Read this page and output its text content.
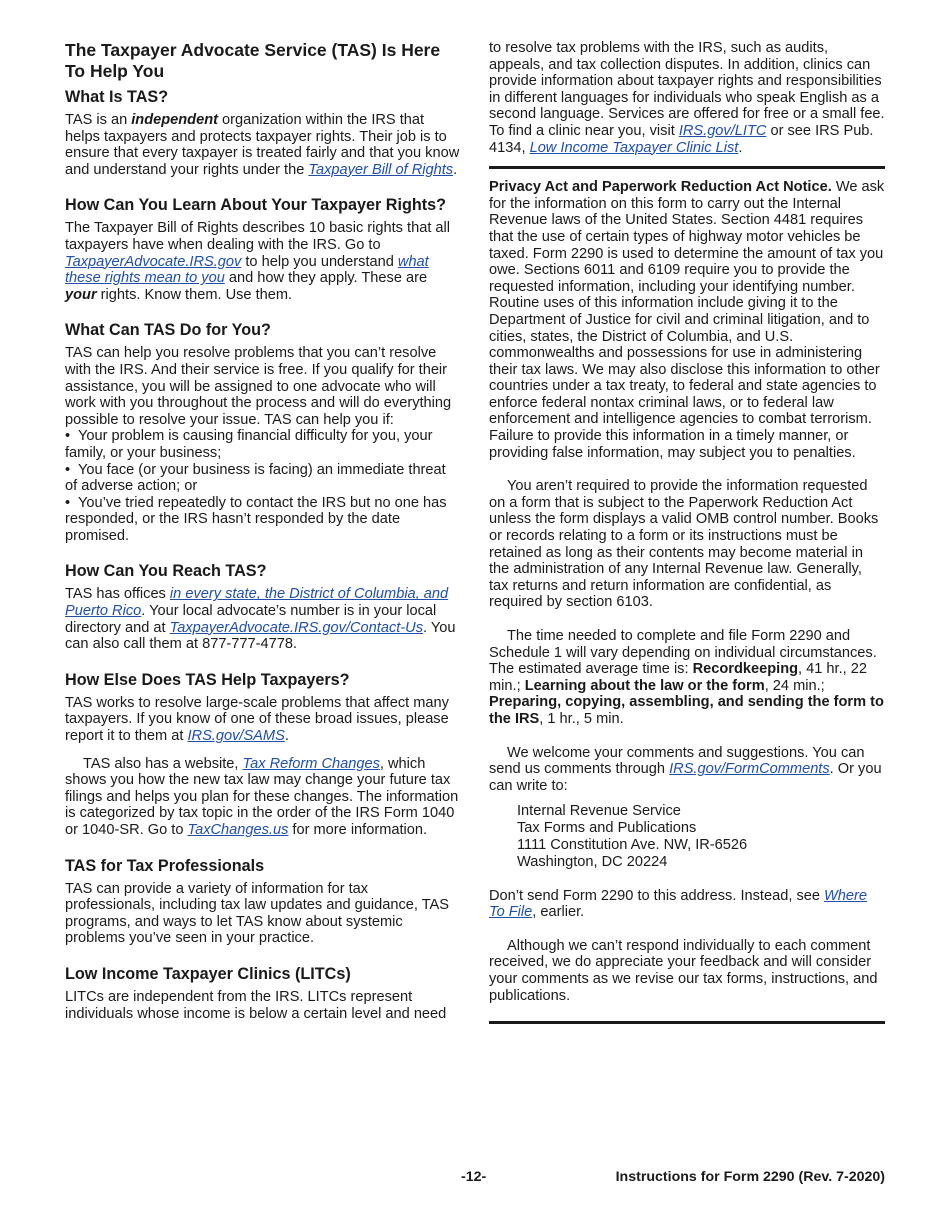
The Taxpayer Advocate Service (TAS) Is Here To Help You
What Is TAS?

TAS is an independent organization within the IRS that helps taxpayers and protects taxpayer rights. Their job is to ensure that every taxpayer is treated fairly and that you know and understand your rights under the Taxpayer Bill of Rights.

How Can You Learn About Your Taxpayer Rights?

The Taxpayer Bill of Rights describes 10 basic rights that all taxpayers have when dealing with the IRS. Go to TaxpayerAdvocate.IRS.gov to help you understand what these rights mean to you and how they apply. These are your rights. Know them. Use them.

What Can TAS Do for You?

TAS can help you resolve problems that you can’t resolve with the IRS. And their service is free. If you qualify for their assistance, you will be assigned to one advocate who will work with you throughout the process and will do everything possible to resolve your issue. TAS can help you if:

•  Your problem is causing financial difficulty for you, your family, or your business;

•  You face (or your business is facing) an immediate threat of adverse action; or

•  You’ve tried repeatedly to contact the IRS but no one has responded, or the IRS hasn’t responded by the date promised.

How Can You Reach TAS?

TAS has offices in every state, the District of Columbia, and Puerto Rico. Your local advocate’s number is in your local directory and at TaxpayerAdvocate.IRS.gov/Contact-Us. You can also call them at 877-777-4778.

How Else Does TAS Help Taxpayers?

TAS works to resolve large-scale problems that affect many taxpayers. If you know of one of these broad issues, please report it to them at IRS.gov/SAMS.

TAS also has a website, Tax Reform Changes, which shows you how the new tax law may change your future tax filings and helps you plan for these changes. The information is categorized by tax topic in the order of the IRS Form 1040 or 1040-SR. Go to TaxChanges.us for more information.

TAS for Tax Professionals

TAS can provide a variety of information for tax professionals, including tax law updates and guidance, TAS programs, and ways to let TAS know about systemic problems you’ve seen in your practice.

Low Income Taxpayer Clinics (LITCs)

LITCs are independent from the IRS. LITCs represent individuals whose income is below a certain level and need

to resolve tax problems with the IRS, such as audits, appeals, and tax collection disputes. In addition, clinics can provide information about taxpayer rights and responsibilities in different languages for individuals who speak English as a second language. Services are offered for free or a small fee. To find a clinic near you, visit IRS.gov/LITC or see IRS Pub. 4134, Low Income Taxpayer Clinic List.

Privacy Act and Paperwork Reduction Act Notice. We ask for the information on this form to carry out the Internal Revenue laws of the United States. Section 4481 requires that the use of certain types of highway motor vehicles be taxed. Form 2290 is used to determine the amount of tax you owe. Sections 6011 and 6109 require you to provide the requested information, including your identifying number. Routine uses of this information include giving it to the Department of Justice for civil and criminal litigation, and to cities, states, the District of Columbia, and U.S. commonwealths and possessions for use in administering their tax laws. We may also disclose this information to other countries under a tax treaty, to federal and state agencies to enforce federal nontax criminal laws, or to federal law enforcement and intelligence agencies to combat terrorism. Failure to provide this information in a timely manner, or providing false information, may subject you to penalties.

You aren’t required to provide the information requested on a form that is subject to the Paperwork Reduction Act unless the form displays a valid OMB control number. Books or records relating to a form or its instructions must be retained as long as their contents may become material in the administration of any Internal Revenue law. Generally, tax returns and return information are confidential, as required by section 6103.

The time needed to complete and file Form 2290 and Schedule 1 will vary depending on individual circumstances. The estimated average time is: Recordkeeping, 41 hr., 22 min.; Learning about the law or the form, 24 min.; Preparing, copying, assembling, and sending the form to the IRS, 1 hr., 5 min.

We welcome your comments and suggestions. You can send us comments through IRS.gov/FormComments. Or you can write to:

Internal Revenue Service
Tax Forms and Publications
1111 Constitution Ave. NW, IR-6526
Washington, DC 20224

Don’t send Form 2290 to this address. Instead, see Where To File, earlier.

Although we can’t respond individually to each comment received, we do appreciate your feedback and will consider your comments as we revise our tax forms, instructions, and publications.

-12-	Instructions for Form 2290 (Rev. 7-2020)
